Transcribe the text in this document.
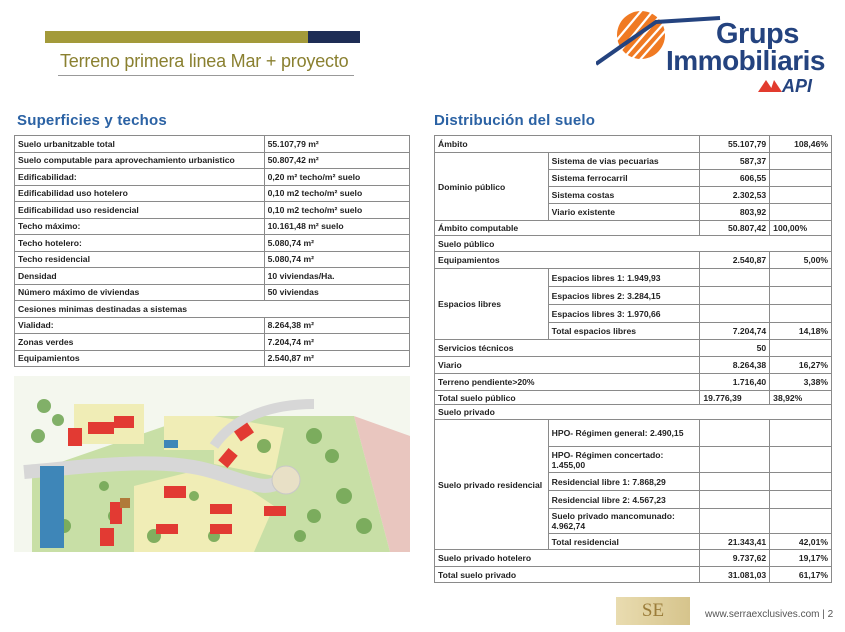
Terreno primera linea Mar + proyecto
Grups
Immobiliaris
API
Superficies y techos
Suelo urbanitzable total	55.107,79 m²
Suelo computable para aprovechamiento urbanistico	50.807,42 m²
Edificabilidad:	0,20 m² techo/m² suelo
Edificabilidad uso hotelero	0,10 m2 techo/m² suelo
Edificabilidad uso residencial	0,10 m2 techo/m² suelo
Techo máximo:	10.161,48 m² suelo
Techo hotelero:	5.080,74 m²
Techo residencial	5.080,74 m²
Densidad	10 viviendas/Ha.
Número máximo de viviendas	50 viviendas
Cesiones minimas destinadas a sistemas	
Vialidad:	8.264,38 m²
Zonas verdes	7.204,74 m²
Equipamientos	2.540,87 m²
Distribución del suelo
Ámbito		55.107,79	108,46%
Dominio público	Sistema de vias pecuarias	587,37	
	Sistema ferrocarril	606,55	
	Sistema costas	2.302,53	
	Viario existente	803,92	
Ámbito computable		50.807,42	100,00%
Suelo público			
Equipamientos		2.540,87	5,00%
Espacios libres	Espacios libres 1: 1.949,93		
	Espacios libres 2: 3.284,15		
	Espacios libres 3: 1.970,66		
	Total espacios libres	7.204,74	14,18%
Servicios técnicos		50	
Viario		8.264,38	16,27%
Terreno pendiente>20%		1.716,40	3,38%
Total suelo público		19.776,39	38,92%
Suelo privado			
Suelo privado residencial	HPO- Régimen general: 2.490,15		
	HPO- Régimen concertado: 1.455,00		
	Residencial libre 1: 7.868,29		
	Residencial libre 2: 4.567,23		
	Suelo privado mancomunado: 4.962,74		
	Total residencial	21.343,41	42,01%
Suelo privado hotelero		9.737,62	19,17%
Total suelo privado		31.081,03	61,17%
SE	www.serraexclusives.com | 2
